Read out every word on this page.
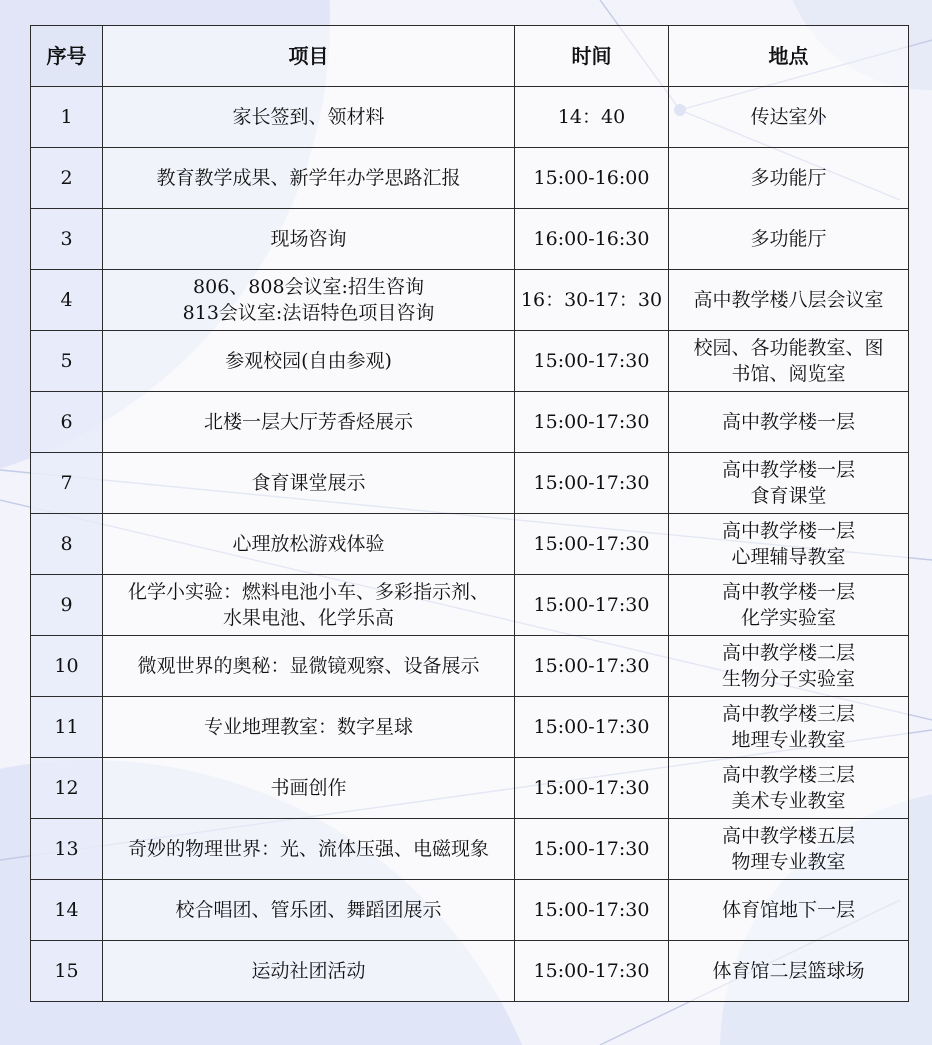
序号	项目	时间	地点
1	家长签到、领材料	14：40	传达室外

2	教育教学成果、新学年办学思路汇报	15:00-16:00	多功能厅

3	现场咨询	16:00-16:30	多功能厅

4	806、808会议室:招生咨询
813会议室:法语特色项目咨询	16：30-17：30	高中教学楼八层会议室

5	参观校园(自由参观)	15:00-17:30	校园、各功能教室、图
书馆、阅览室

6	北楼一层大厅芳香烃展示	15:00-17:30	高中教学楼一层

7	食育课堂展示	15:00-17:30	高中教学楼一层
食育课堂

8	心理放松游戏体验	15:00-17:30	高中教学楼一层
心理辅导教室

9	化学小实验：燃料电池小车、多彩指示剂、
水果电池、化学乐高	15:00-17:30	高中教学楼一层
化学实验室

10	微观世界的奥秘：显微镜观察、设备展示	15:00-17:30	高中教学楼二层
生物分子实验室

11	专业地理教室：数字星球	15:00-17:30	高中教学楼三层
地理专业教室

12	书画创作	15:00-17:30	高中教学楼三层
美术专业教室

13	奇妙的物理世界：光、流体压强、电磁现象	15:00-17:30	高中教学楼五层
物理专业教室

14	校合唱团、管乐团、舞蹈团展示	15:00-17:30	体育馆地下一层

15	运动社团活动	15:00-17:30	体育馆二层篮球场
